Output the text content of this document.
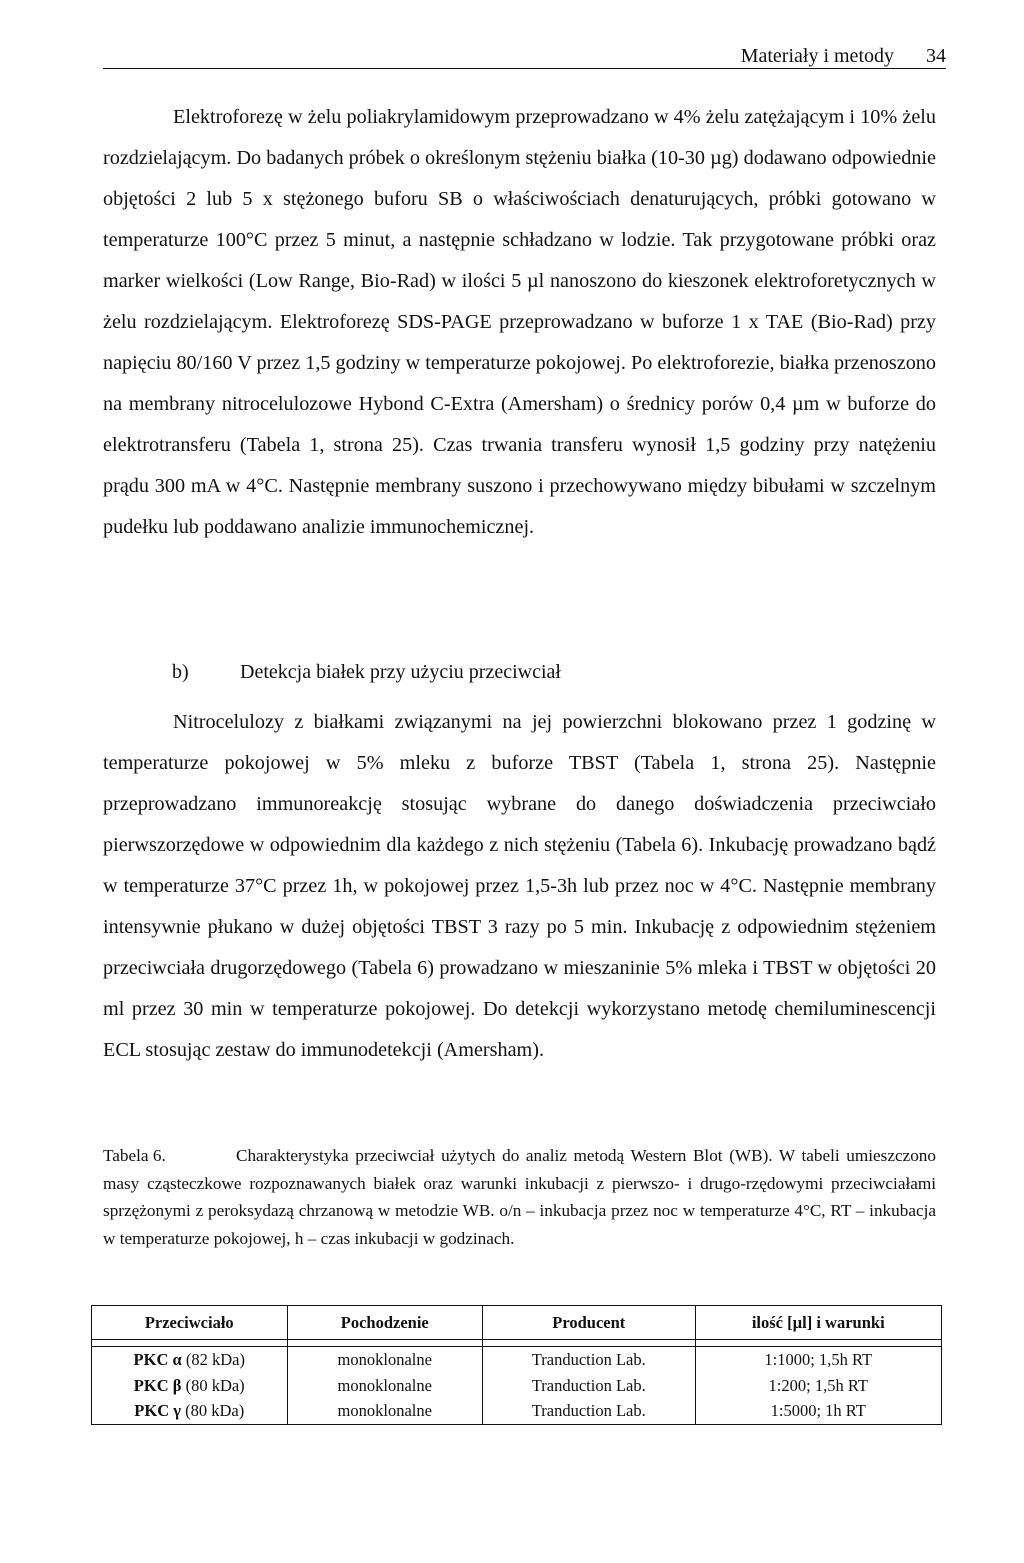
Materiały i metody 34

Elektroforezę w żelu poliakrylamidowym przeprowadzano w 4% żelu zatężającym i 10% żelu rozdzielającym. Do badanych próbek o określonym stężeniu białka (10-30 µg) dodawano odpowiednie objętości 2 lub 5 x stężonego buforu SB o właściwościach denaturujących, próbki gotowano w temperaturze 100°C przez 5 minut, a następnie schładzano w lodzie. Tak przygotowane próbki oraz marker wielkości (Low Range, Bio-Rad) w ilości 5 µl nanoszono do kieszonek elektroforetycznych w żelu rozdzielającym. Elektroforezę SDS-PAGE przeprowadzano w buforze 1 x TAE (Bio-Rad) przy napięciu 80/160 V przez 1,5 godziny w temperaturze pokojowej. Po elektroforezie, białka przenoszono na membrany nitrocelulozowe Hybond C-Extra (Amersham) o średnicy porów 0,4 µm w buforze do elektrotransferu (Tabela 1, strona 25). Czas trwania transferu wynosił 1,5 godziny przy natężeniu prądu 300 mA w 4°C. Następnie membrany suszono i przechowywano między bibułami w szczelnym pudełku lub poddawano analizie immunochemicznej.

b)	Detekcja białek przy użyciu przeciwciał

Nitrocelulozy z białkami związanymi na jej powierzchni blokowano przez 1 godzinę w temperaturze pokojowej w 5% mleku z buforze TBST (Tabela 1, strona 25). Następnie przeprowadzano immunoreakcję stosując wybrane do danego doświadczenia przeciwciało pierwszorzędowe w odpowiednim dla każdego z nich stężeniu (Tabela 6). Inkubację prowadzano bądź w temperaturze 37°C przez 1h, w pokojowej przez 1,5-3h lub przez noc w 4°C. Następnie membrany intensywnie płukano w dużej objętości TBST 3 razy po 5 min. Inkubację z odpowiednim stężeniem przeciwciała drugorzędowego (Tabela 6) prowadzano w mieszaninie 5% mleka i TBST w objętości 20 ml przez 30 min w temperaturze pokojowej. Do detekcji wykorzystano metodę chemiluminescencji ECL stosując zestaw do immunodetekcji (Amersham).

Tabela 6.	Charakterystyka przeciwciał użytych do analiz metodą Western Blot (WB). W tabeli umieszczono masy cząsteczkowe rozpoznawanych białek oraz warunki inkubacji z pierwszo- i drugo-rzędowymi przeciwciałami sprzężonymi z peroksydazą chrzanową w metodzie WB. o/n – inkubacja przez noc w temperaturze 4°C, RT – inkubacja w temperaturze pokojowej, h – czas inkubacji w godzinach.

Przeciwciało	Pochodzenie	Producent	ilość [µl] i warunki

PKC α (82 kDa)	monoklonalne	Tranduction Lab.	1:1000; 1,5h RT
PKC β (80 kDa)	monoklonalne	Tranduction Lab.	1:200; 1,5h RT
PKC γ (80 kDa)	monoklonalne	Tranduction Lab.	1:5000; 1h RT
